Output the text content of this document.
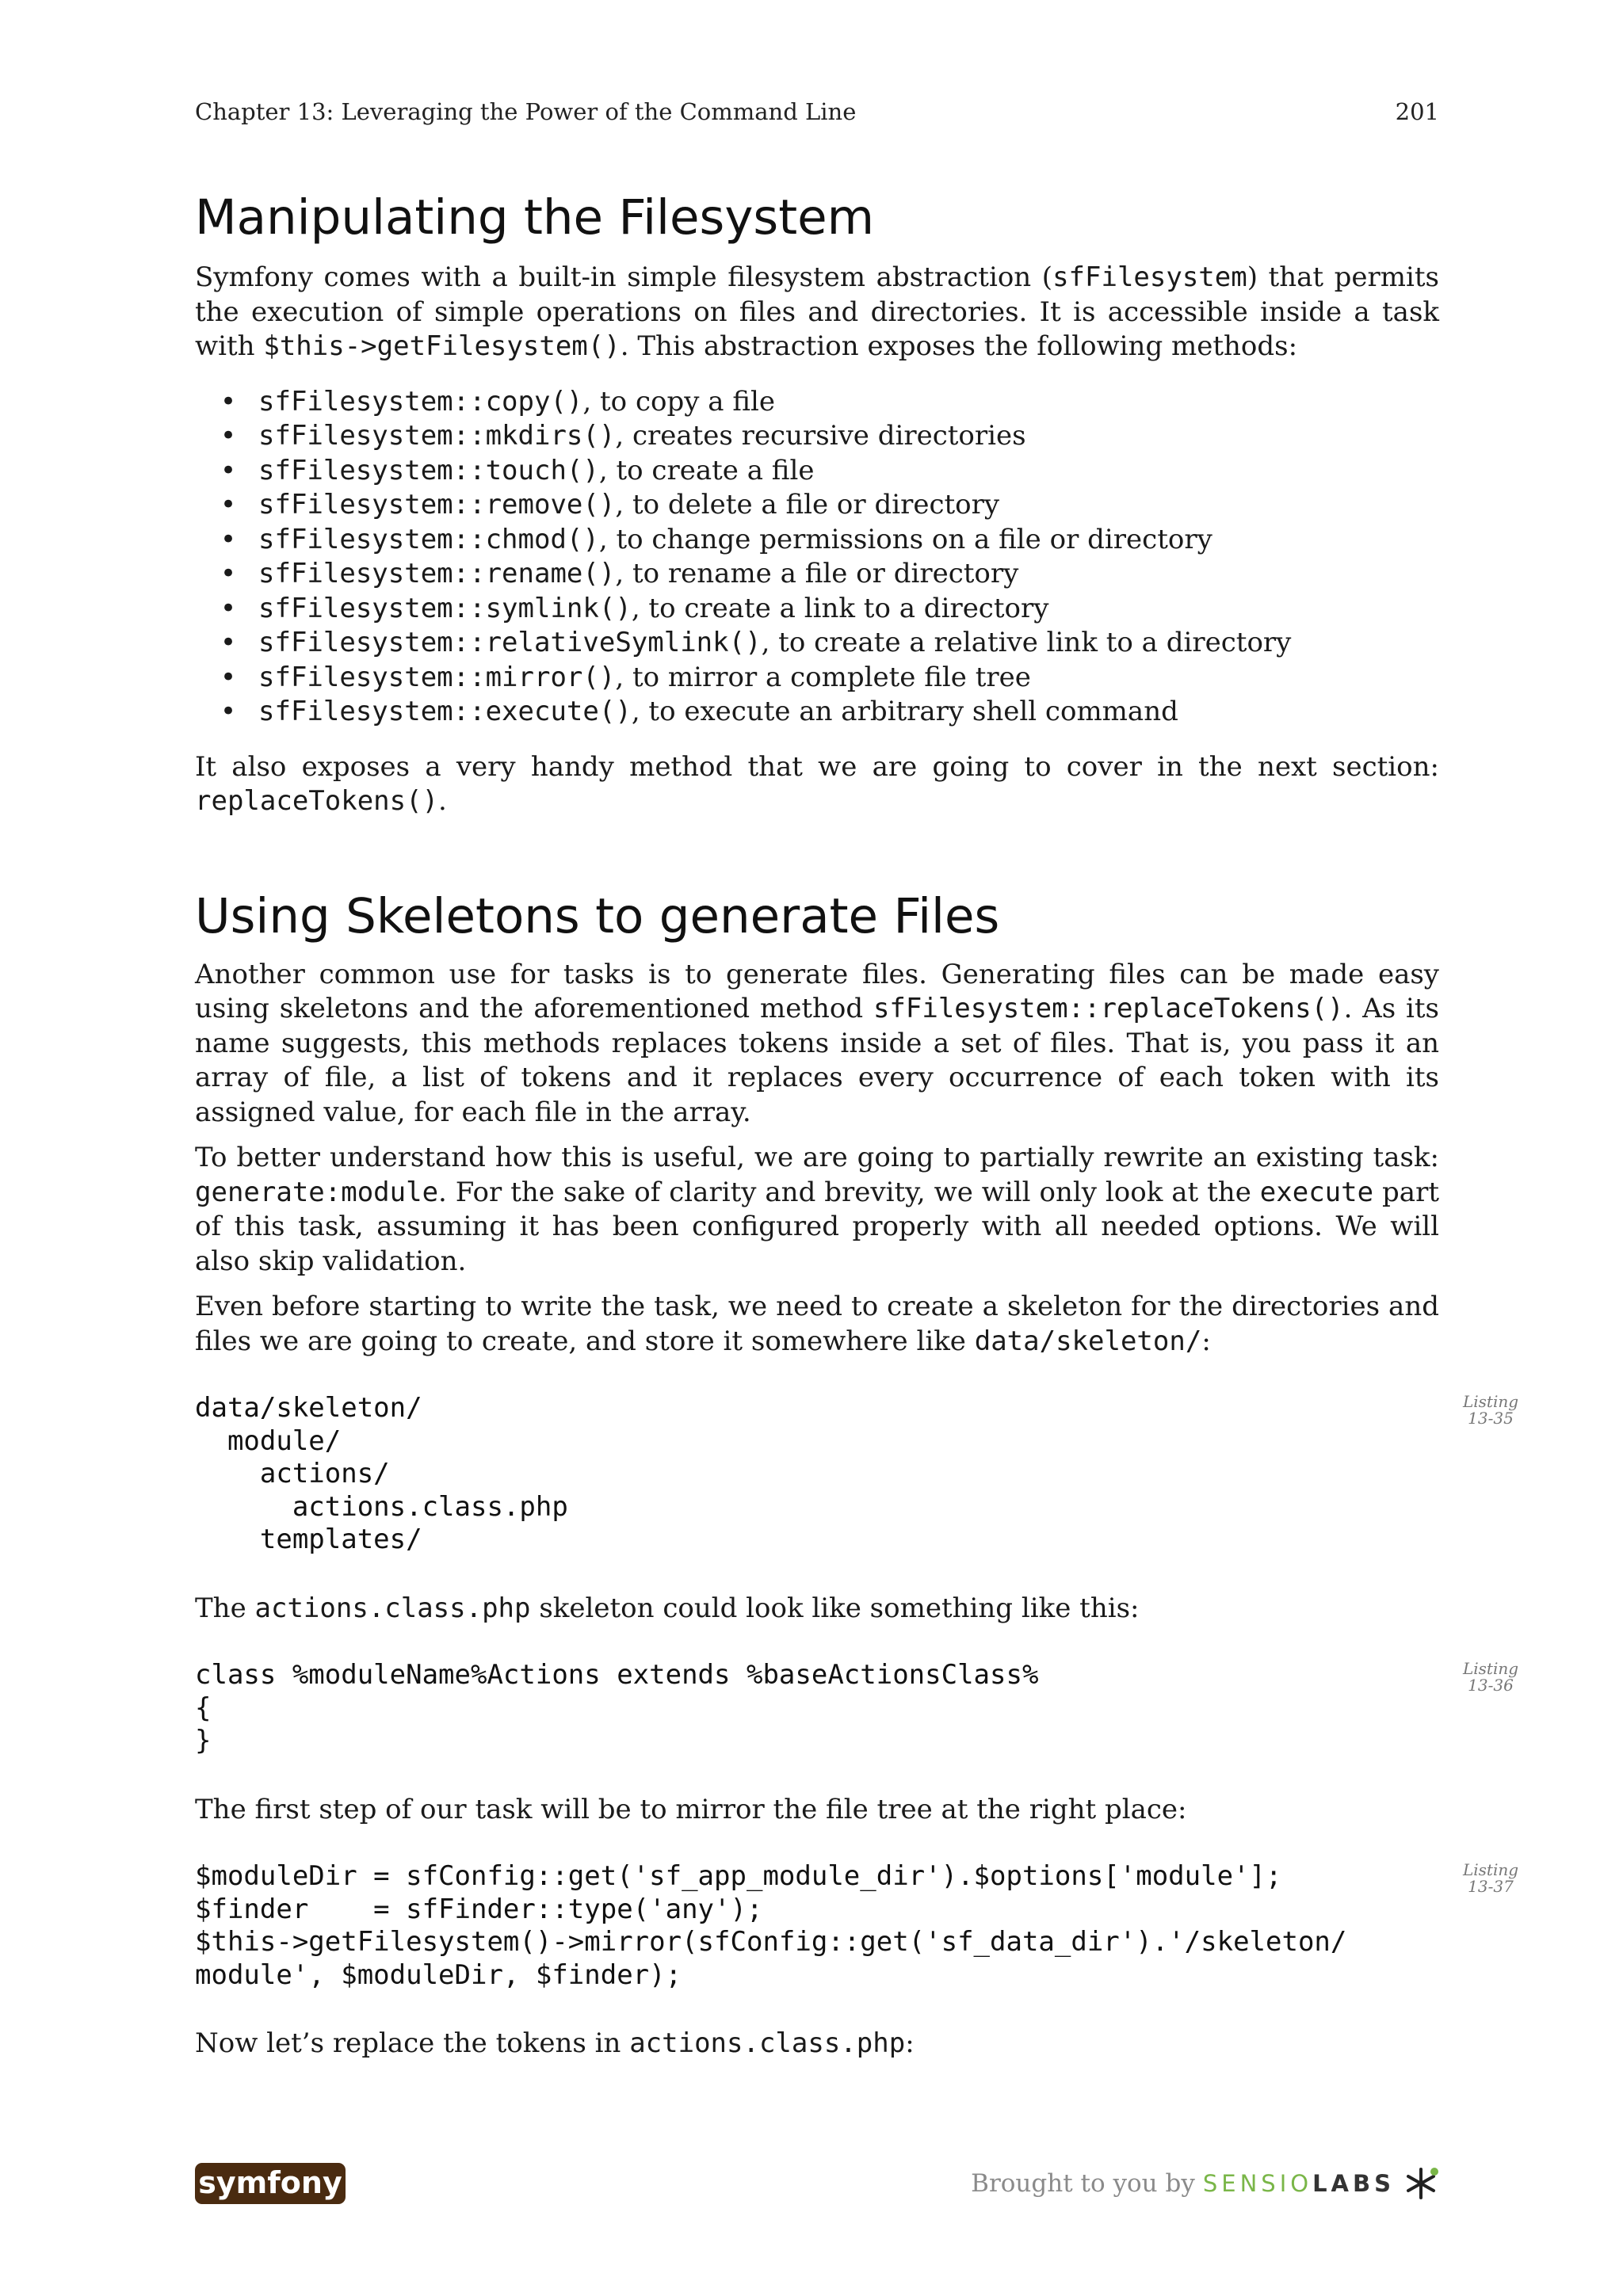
Chapter 13: Leveraging the Power of the Command Line	201
Manipulating the Filesystem

Symfony comes with a built-in simple filesystem abstraction (sfFilesystem) that permits the execution of simple operations on files and directories. It is accessible inside a task with $this->getFilesystem(). This abstraction exposes the following methods:

• sfFilesystem::copy(), to copy a file
• sfFilesystem::mkdirs(), creates recursive directories
• sfFilesystem::touch(), to create a file
• sfFilesystem::remove(), to delete a file or directory
• sfFilesystem::chmod(), to change permissions on a file or directory
• sfFilesystem::rename(), to rename a file or directory
• sfFilesystem::symlink(), to create a link to a directory
• sfFilesystem::relativeSymlink(), to create a relative link to a directory
• sfFilesystem::mirror(), to mirror a complete file tree
• sfFilesystem::execute(), to execute an arbitrary shell command

It also exposes a very handy method that we are going to cover in the next section: replaceTokens().

Using Skeletons to generate Files

Another common use for tasks is to generate files. Generating files can be made easy using skeletons and the aforementioned method sfFilesystem::replaceTokens(). As its name suggests, this methods replaces tokens inside a set of files. That is, you pass it an array of file, a list of tokens and it replaces every occurrence of each token with its assigned value, for each file in the array.

To better understand how this is useful, we are going to partially rewrite an existing task: generate:module. For the sake of clarity and brevity, we will only look at the execute part of this task, assuming it has been configured properly with all needed options. We will also skip validation.

Even before starting to write the task, we need to create a skeleton for the directories and files we are going to create, and store it somewhere like data/skeleton/:

data/skeleton/
module/
actions/
actions.class.php
templates/
Listing
13-35

The actions.class.php skeleton could look like something like this:

class %moduleName%Actions extends %baseActionsClass%
{
}
Listing
13-36

The first step of our task will be to mirror the file tree at the right place:

$moduleDir = sfConfig::get('sf_app_module_dir').$options['module'];
$finder    = sfFinder::type('any');
$this->getFilesystem()->mirror(sfConfig::get('sf_data_dir').'/skeleton/
module', $moduleDir, $finder);
Listing
13-37

Now let’s replace the tokens in actions.class.php:

symfony	Brought to you by SENSIO LABS
